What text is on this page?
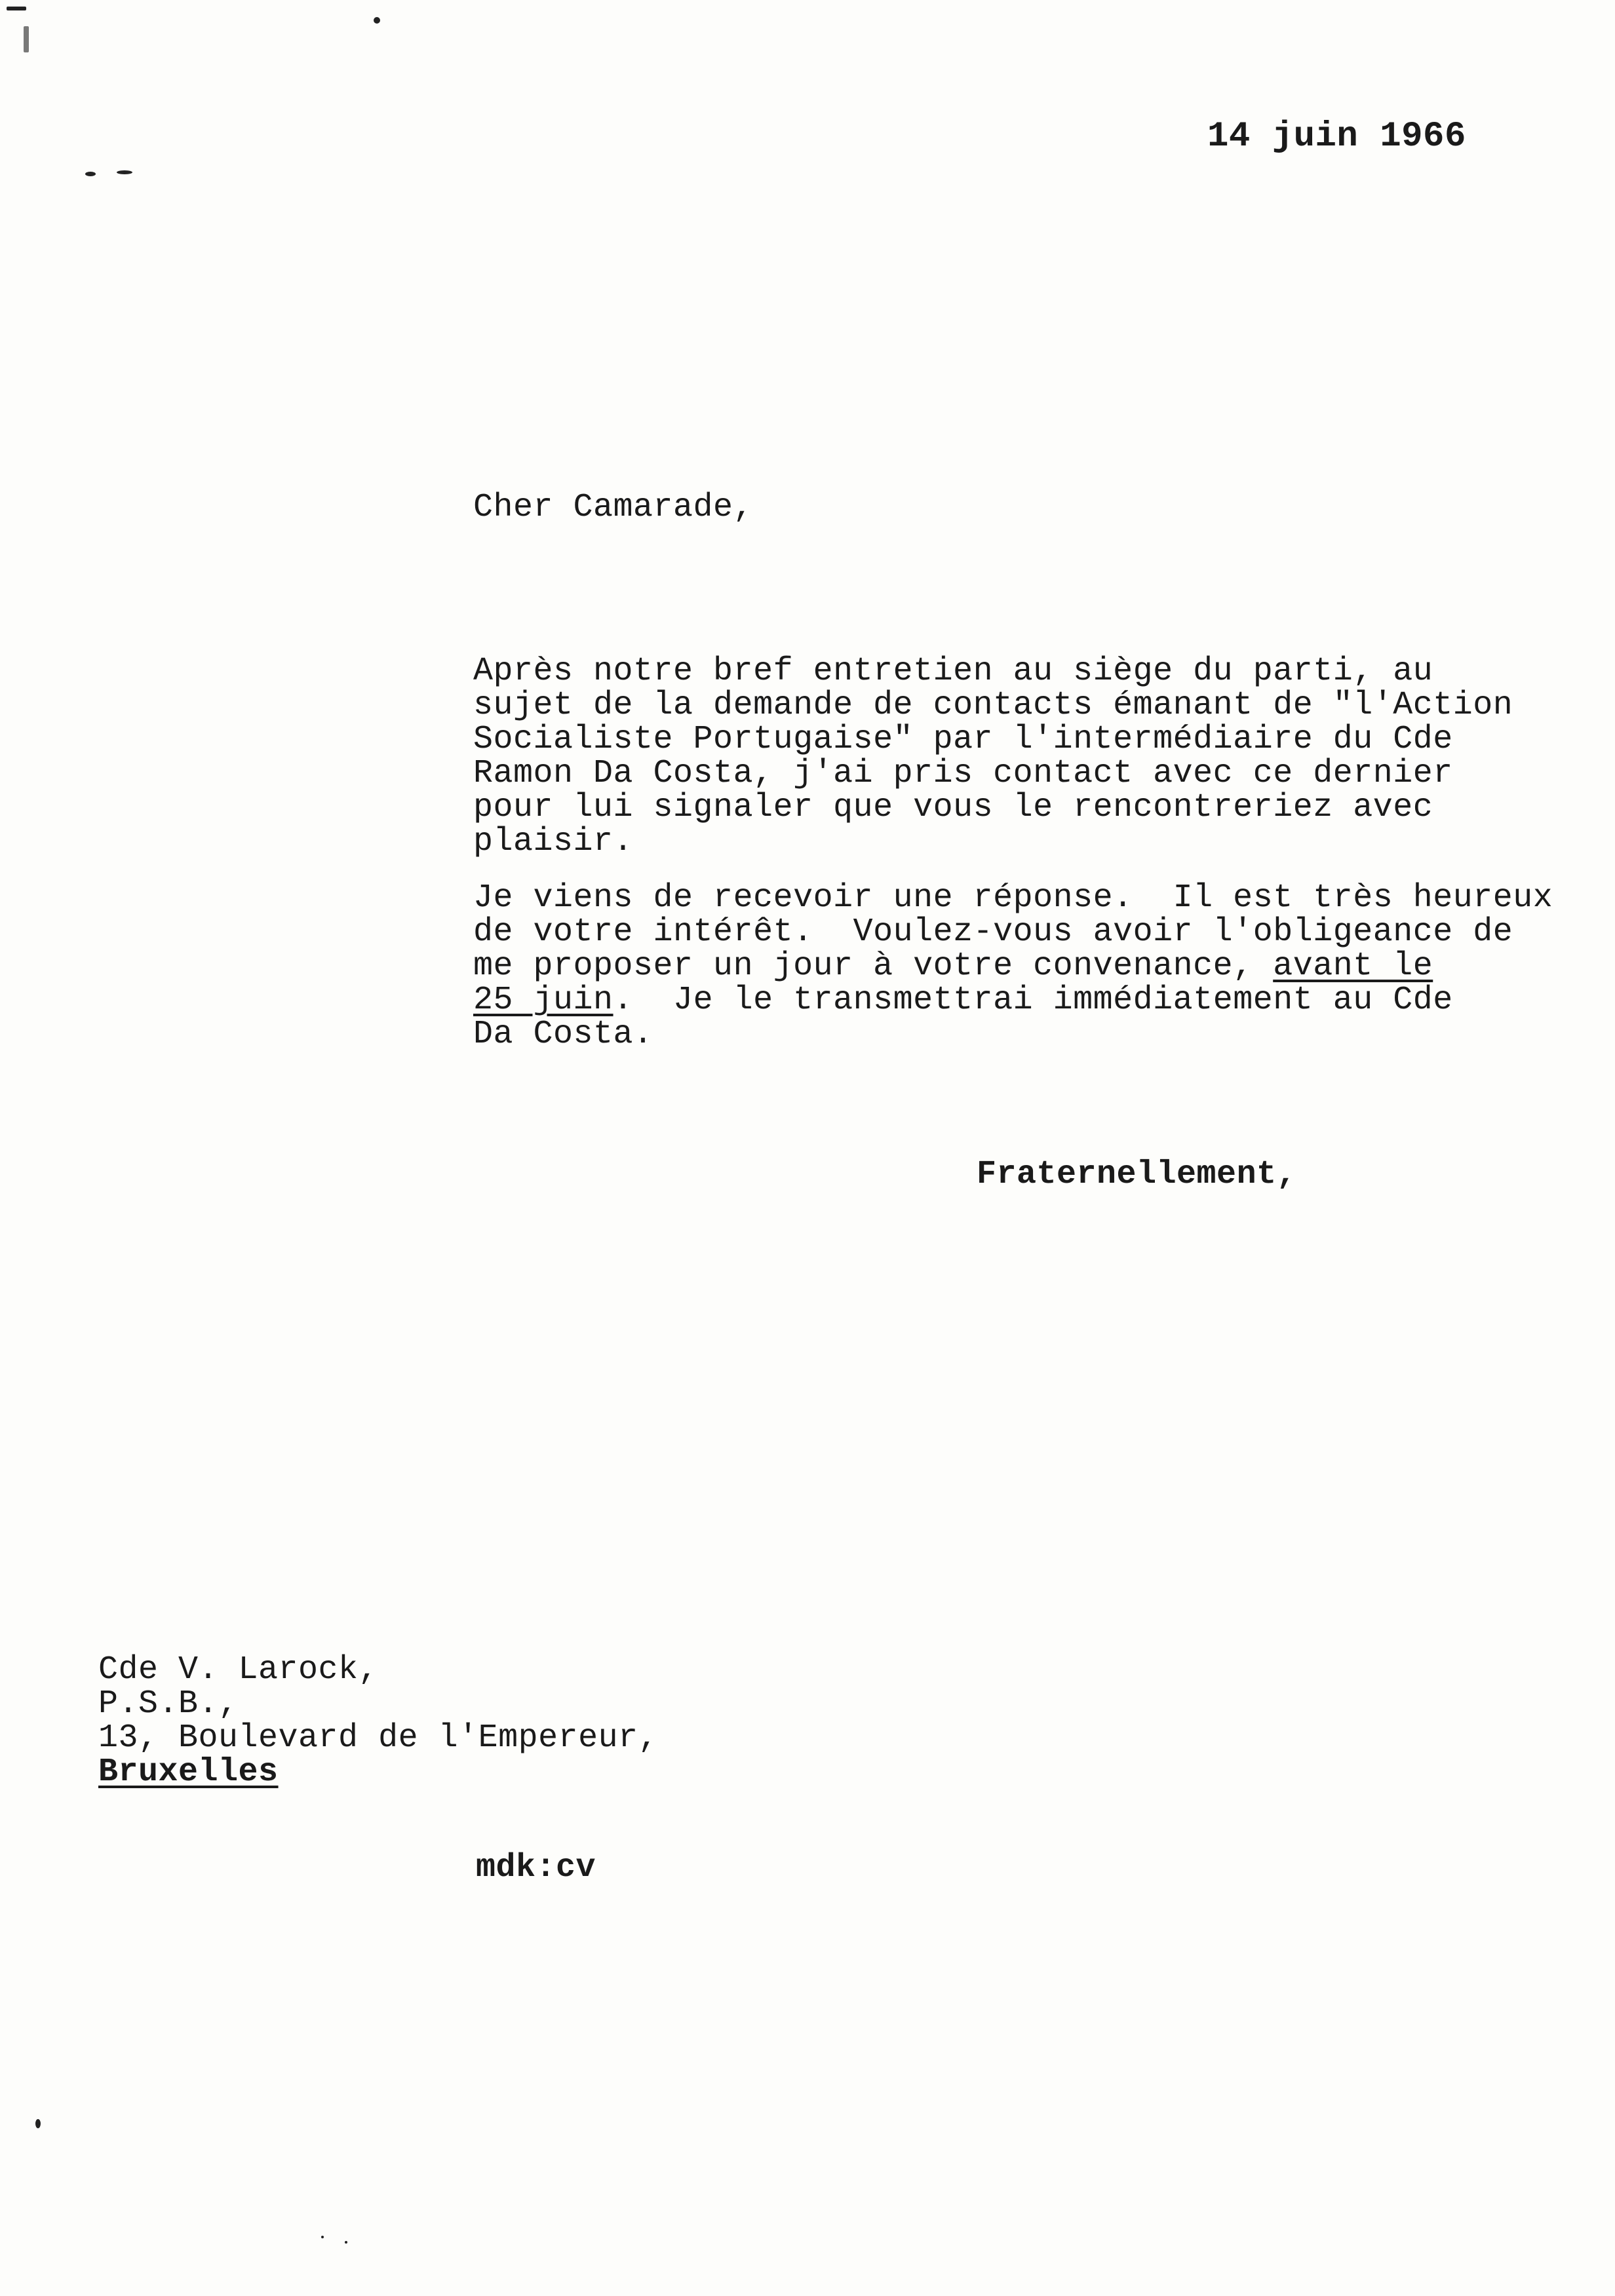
14 juin 1966
Cher Camarade,
Après notre bref entretien au siège du parti, au
sujet de la demande de contacts émanant de "l'Action
Socialiste Portugaise" par l'intermédiaire du Cde
Ramon Da Costa, j'ai pris contact avec ce dernier
pour lui signaler que vous le rencontreriez avec
plaisir.
Je viens de recevoir une réponse.  Il est très heureux
de votre intérêt.  Voulez-vous avoir l'obligeance de
me proposer un jour à votre convenance, avant le
25 juin.  Je le transmettrai immédiatement au Cde
Da Costa.
Fraternellement,
Cde V. Larock,
P.S.B.,
13, Boulevard de l'Empereur,
Bruxelles
mdk:cv
